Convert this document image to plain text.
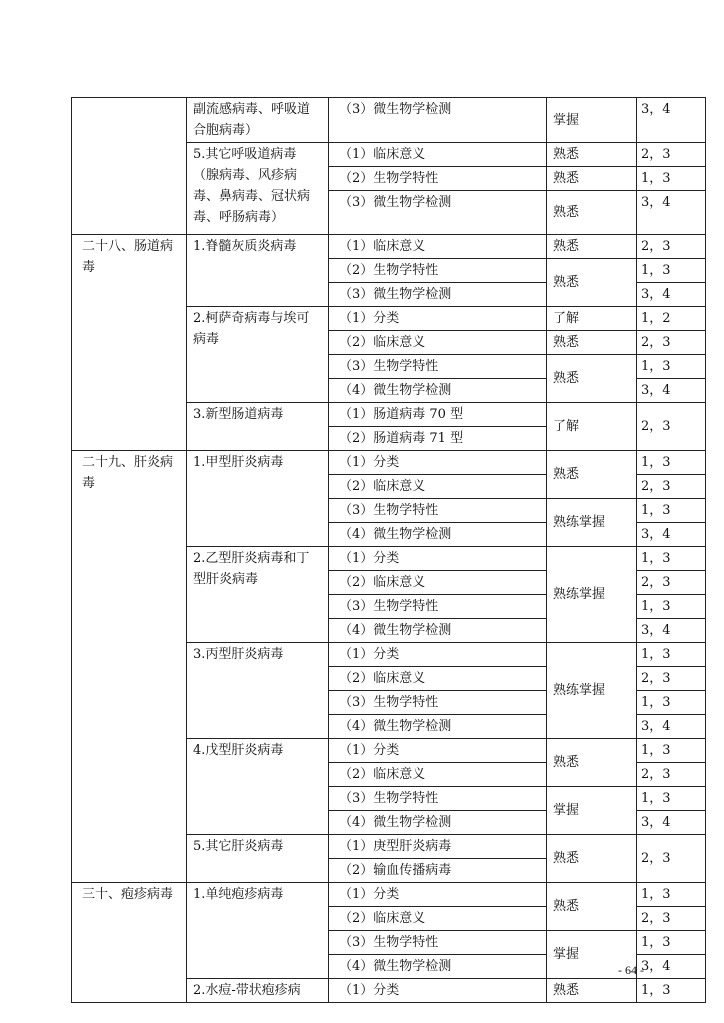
	副流感病毒、呼吸道合胞病毒）	（3）微生物学检测	掌握	3，4
	5.其它呼吸道病毒（腺病毒、风疹病毒、鼻病毒、冠状病毒、呼肠病毒）	（1）临床意义	熟悉	2，3
		（2）生物学特性	熟悉	1，3
		（3）微生物学检测	熟悉	3，4
二十八、肠道病毒	1.脊髓灰质炎病毒	（1）临床意义	熟悉	2，3
		（2）生物学特性	熟悉	1，3
		（3）微生物学检测		3，4
	2.柯萨奇病毒与埃可病毒	（1）分类	了解	1，2
		（2）临床意义	熟悉	2，3
		（3）生物学特性	熟悉	1，3
		（4）微生物学检测		3，4
	3.新型肠道病毒	（1）肠道病毒 70 型	了解	2，3
		（2）肠道病毒 71 型		
二十九、肝炎病毒	1.甲型肝炎病毒	（1）分类	熟悉	1，3
		（2）临床意义		2，3
		（3）生物学特性	熟练掌握	1，3
		（4）微生物学检测		3，4
	2.乙型肝炎病毒和丁型肝炎病毒	（1）分类	熟练掌握	1，3
		（2）临床意义		2，3
		（3）生物学特性		1，3
		（4）微生物学检测		3，4
	3.丙型肝炎病毒	（1）分类	熟练掌握	1，3
		（2）临床意义		2，3
		（3）生物学特性		1，3
		（4）微生物学检测		3，4
	4.戊型肝炎病毒	（1）分类	熟悉	1，3
		（2）临床意义		2，3
		（3）生物学特性	掌握	1，3
		（4）微生物学检测		3，4
	5.其它肝炎病毒	（1）庚型肝炎病毒	熟悉	2，3
		（2）输血传播病毒		
三十、疱疹病毒	1.单纯疱疹病毒	（1）分类	熟悉	1，3
		（2）临床意义		2，3
		（3）生物学特性	掌握	1，3
		（4）微生物学检测		3，4
	2.水痘-带状疱疹病	（1）分类	熟悉	1，3
- 64 -
